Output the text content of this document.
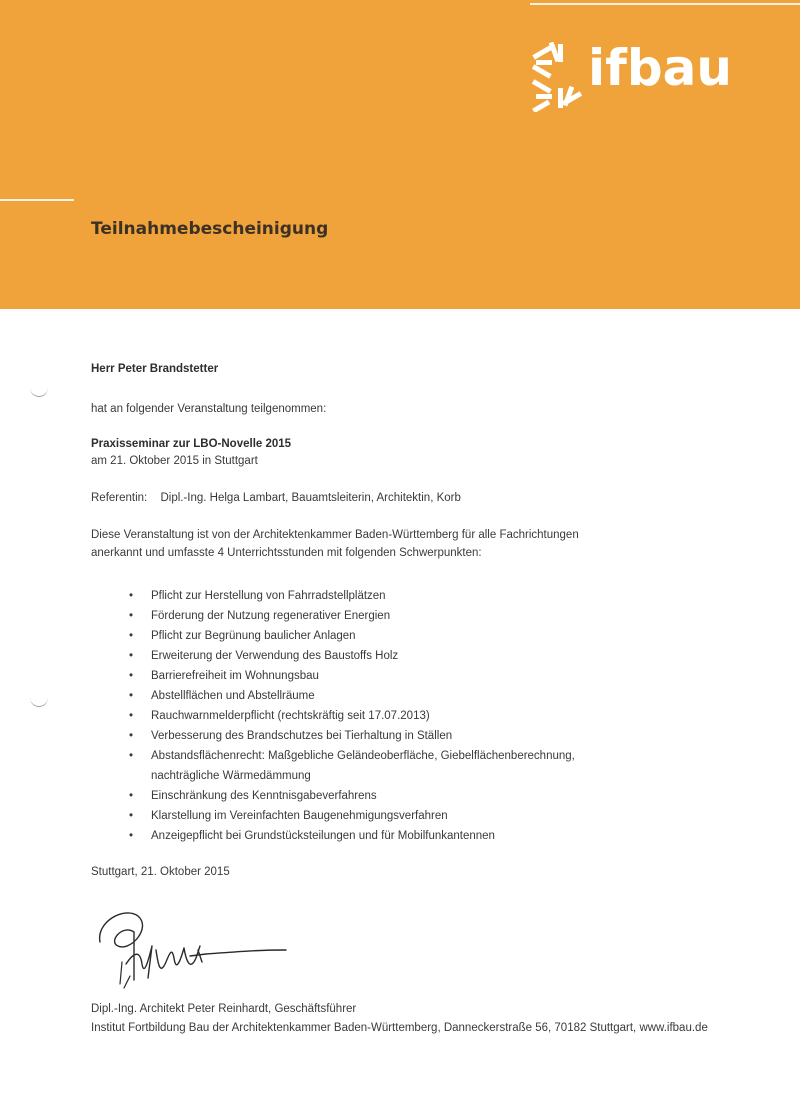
ifbau
Teilnahmebescheinigung
Herr Peter Brandstetter
hat an folgender Veranstaltung teilgenommen:
Praxisseminar zur LBO-Novelle 2015
am 21. Oktober 2015 in Stuttgart
Referentin: Dipl.-Ing. Helga Lambart, Bauamtsleiterin, Architektin, Korb
Diese Veranstaltung ist von der Architektenkammer Baden-Württemberg für alle Fachrichtungen
anerkannt und umfasste 4 Unterrichtsstunden mit folgenden Schwerpunkten:
• Pflicht zur Herstellung von Fahrradstellplätzen
• Förderung der Nutzung regenerativer Energien
• Pflicht zur Begrünung baulicher Anlagen
• Erweiterung der Verwendung des Baustoffs Holz
• Barrierefreiheit im Wohnungsbau
• Abstellflächen und Abstellräume
• Rauchwarnmelderpflicht (rechtskräftig seit 17.07.2013)
• Verbesserung des Brandschutzes bei Tierhaltung in Ställen
• Abstandsflächenrecht: Maßgebliche Geländeoberfläche, Giebelflächenberechnung,
nachträgliche Wärmedämmung
• Einschränkung des Kenntnisgabeverfahrens
• Klarstellung im Vereinfachten Baugenehmigungsverfahren
• Anzeigepflicht bei Grundstücksteilungen und für Mobilfunkantennen
Stuttgart, 21. Oktober 2015
Dipl.-Ing. Architekt Peter Reinhardt, Geschäftsführer
Institut Fortbildung Bau der Architektenkammer Baden-Württemberg, Danneckerstraße 56, 70182 Stuttgart, www.ifbau.de
